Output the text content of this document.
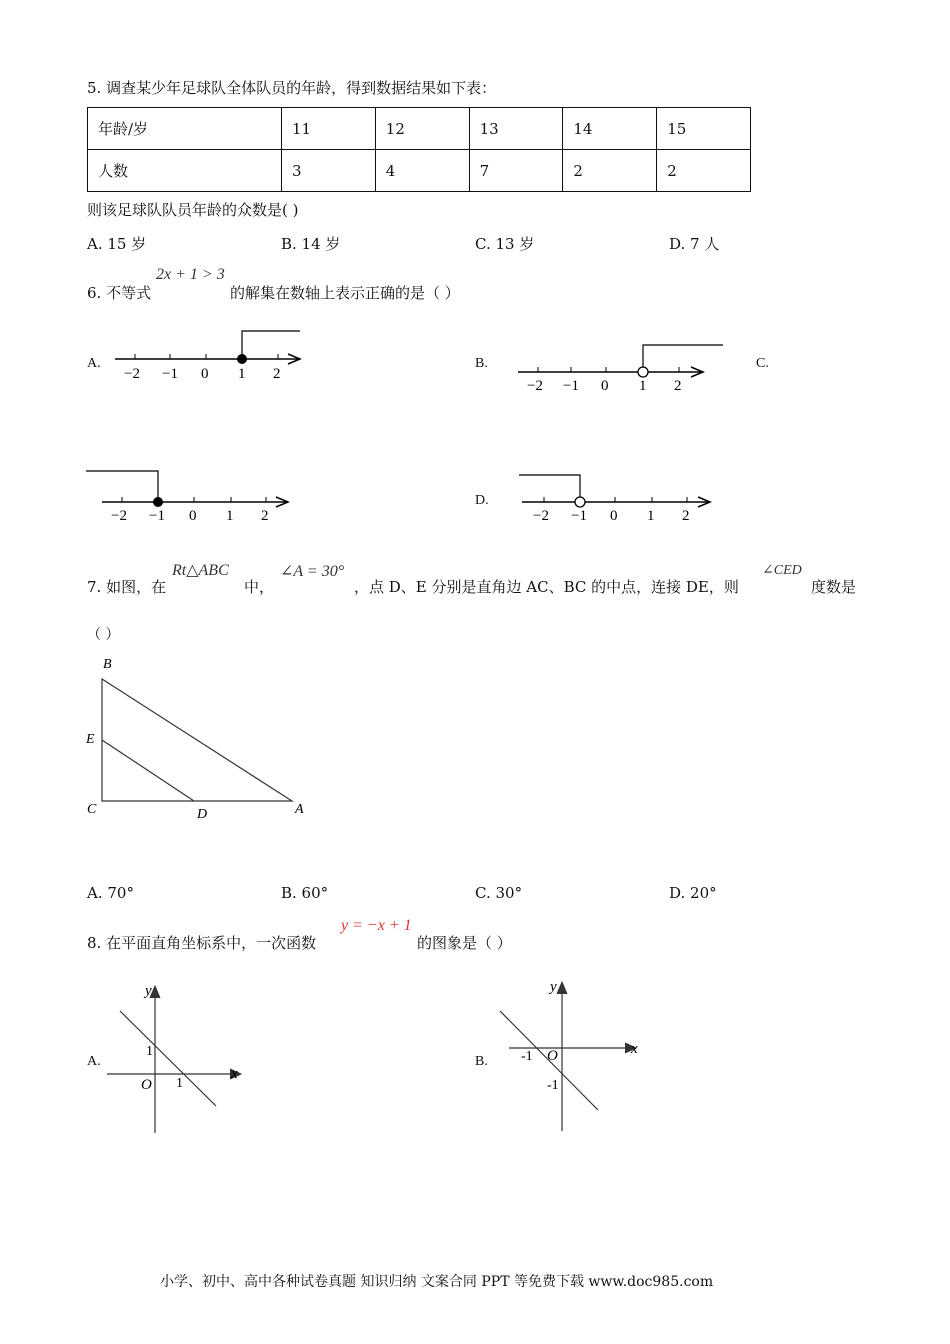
5. 调查某少年足球队全体队员的年龄，得到数据结果如下表：
年龄/岁	11	12	13	14	15
人数	3	4	7	2	2
则该足球队队员年龄的众数是( )
A. 15 岁	B. 14 岁	C. 13 岁	D. 7 人
6. 不等式
2x + 1 > 3
的解集在数轴上表示正确的是（ ）
A.	B.	C.
D.
−2 −1 0 1 2
−2 −1 0 1 2
−2 −1 0 1 2	−2 −1 0 1 2
7. 如图，在
Rt△ABC
中，
∠A = 30°
，点 D、E 分别是直角边 AC、BC 的中点，连接 DE，则
∠CED
度数是
（ ）
B
E
C	D	A
A. 70°	B. 60°	C. 30°	D. 20°
8. 在平面直角坐标系中，一次函数
y = −x + 1
的图象是（ ）
A.	B.
y
x
O
1
1
y
x
O
-1
-1
小学、初中、高中各种试卷真题 知识归纳 文案合同 PPT 等免费下载 www.doc985.com
